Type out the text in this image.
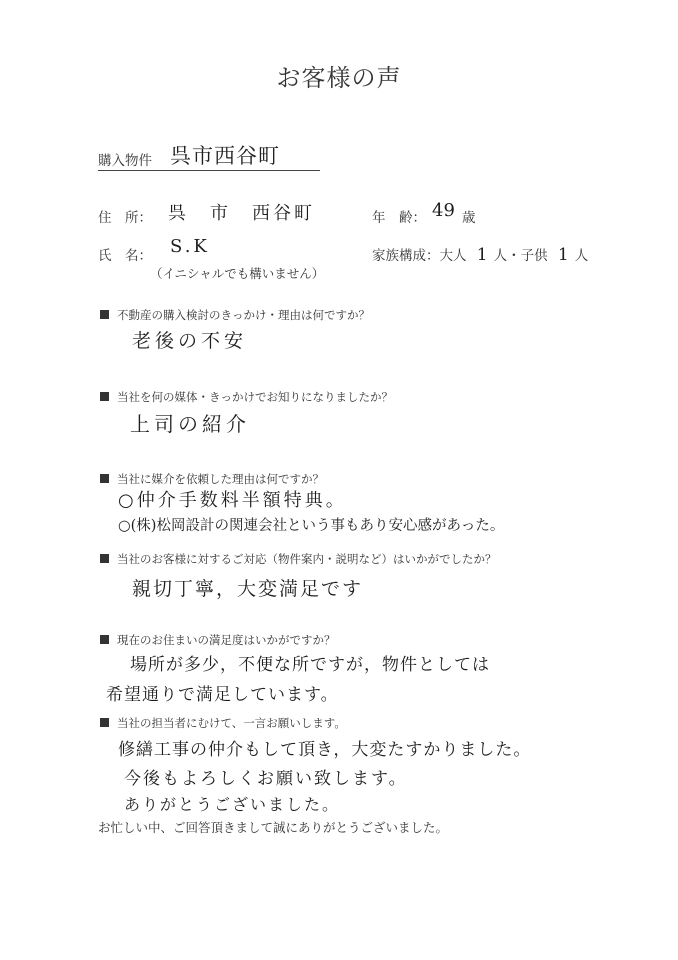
お客様の声
購入物件 呉市西谷町
住　所： 呉　市　西谷町	年　齢： 49 歳
氏　名： S.K
（イニシャルでも構いません）
家族構成：大人 1 人・子供 1 人
不動産の購入検討のきっかけ・理由は何ですか？
老後の不安
当社を何の媒体・きっかけでお知りになりましたか？
上司の紹介
当社に媒介を依頼した理由は何ですか？
○仲介手数料半額特典。
○(株)松岡設計の関連会社という事もあり安心感があった。
当社のお客様に対するご対応（物件案内・説明など）はいかがでしたか？
親切丁寧，大変満足です
現在のお住まいの満足度はいかがですか？
場所が多少，不便な所ですが，物件としては
希望通りで満足しています。
当社の担当者にむけて、一言お願いします。
修繕工事の仲介もして頂き，大変たすかりました。
今後もよろしくお願い致します。
ありがとうございました。
お忙しい中、ご回答頂きまして誠にありがとうございました。
